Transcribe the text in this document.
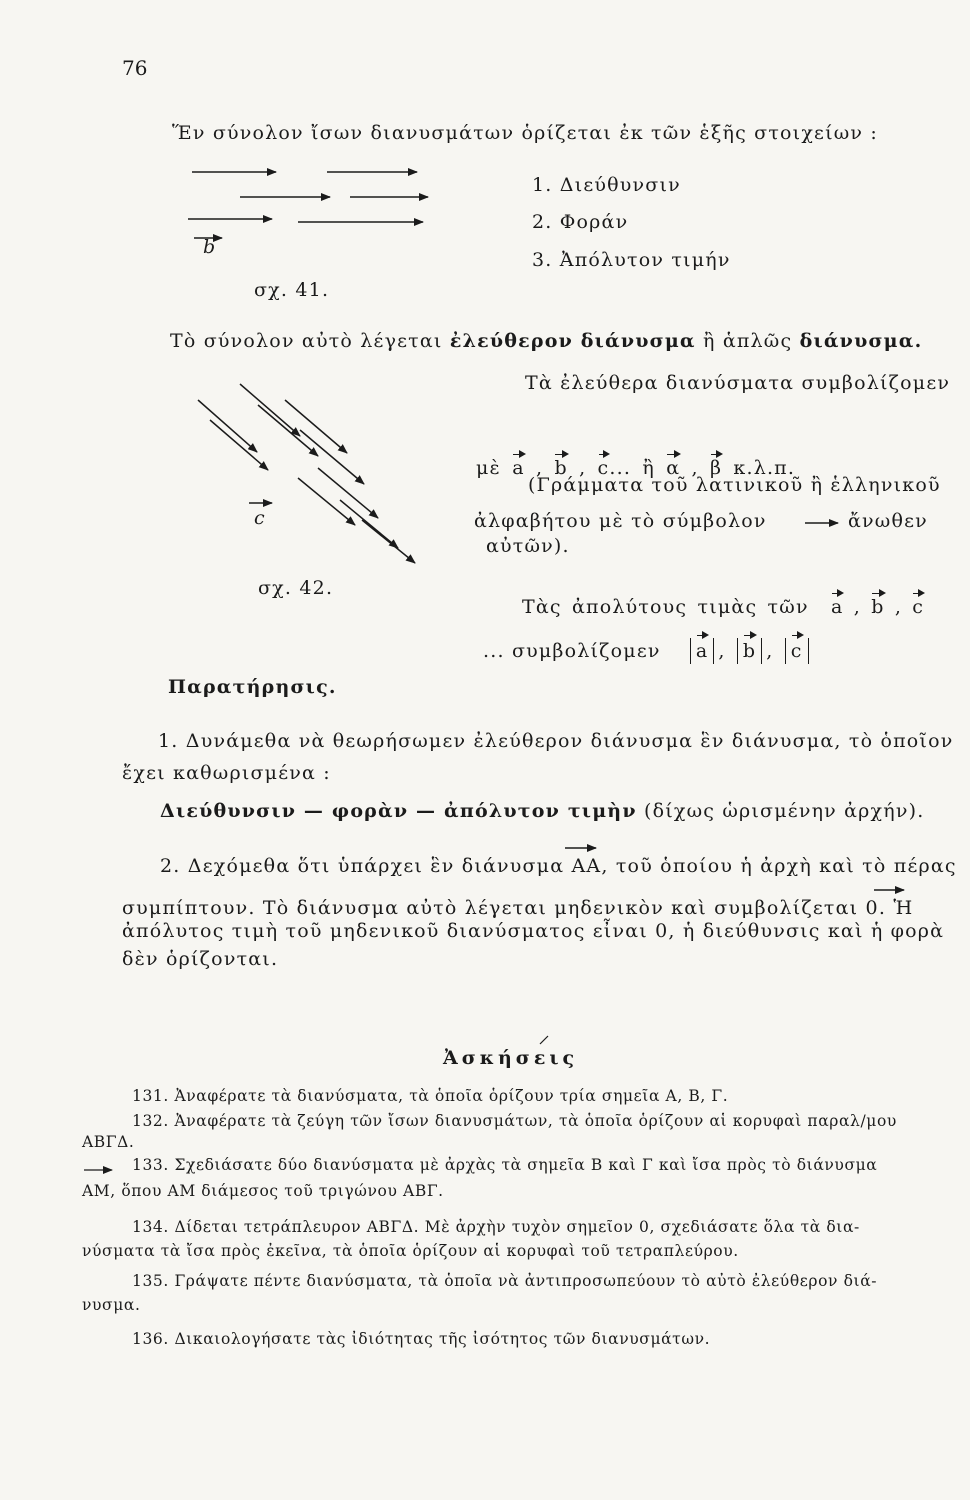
76
Ἕν σύνολον ἴσων διανυσμάτων ὁρίζεται ἐκ τῶν ἑξῆς στοιχείων :
b
1. Διεύθυνσιν
2. Φοράν
3. Ἀπόλυτον τιμήν
σχ. 41.
Τὸ σύνολον αὐτὸ λέγεται ἐλεύθερον διάνυσμα ἢ ἁπλῶς διάνυσμα.
Τὰ ἐλεύθερα διανύσματα συμβολίζομεν
μὲ a , b , c... ἢ α , β κ.λ.π.
(Γράμματα τοῦ λατινικοῦ ἢ ἑλληνικοῦ
ἀλφαβήτου μὲ τὸ σύμβολον	ἄνωθεν
αὐτῶν).
c
σχ. 42.
Τὰς ἀπολύτους τιμὰς τῶν a , b , c
... συμβολίζομεν a , b , c
Παρατήρησις.
1. Δυνάμεθα νὰ θεωρήσωμεν ἐλεύθερον διάνυσμα ἓν διάνυσμα, τὸ ὁποῖον
ἔχει καθωρισμένα :
Διεύθυνσιν — φορὰν — ἀπόλυτον τιμὴν (δίχως ὡρισμένην ἀρχήν).
2. Δεχόμεθα ὅτι ὑπάρχει ἓν διάνυσμα ΑΑ, τοῦ ὁποίου ἡ ἀρχὴ καὶ τὸ πέρας
συμπίπτουν. Τὸ διάνυσμα αὐτὸ λέγεται μηδενικὸν καὶ συμβολίζεται 0. Ἡ
ἀπόλυτος τιμὴ τοῦ μηδενικοῦ διανύσματος εἶναι 0, ἡ διεύθυνσις καὶ ἡ φορὰ
δὲν ὁρίζονται.
Ἀσκήσεις
131. Ἀναφέρατε τὰ διανύσματα, τὰ ὁποῖα ὁρίζουν τρία σημεῖα Α, Β, Γ.
132. Ἀναφέρατε τὰ ζεύγη τῶν ἴσων διανυσμάτων, τὰ ὁποῖα ὁρίζουν αἱ κορυφαὶ παραλ/μου
ΑΒΓΔ.
133. Σχεδιάσατε δύο διανύσματα μὲ ἀρχὰς τὰ σημεῖα Β καὶ Γ καὶ ἴσα πρὸς τὸ διάνυσμα
ΑΜ, ὅπου ΑΜ διάμεσος τοῦ τριγώνου ΑΒΓ.
134. Δίδεται τετράπλευρον ΑΒΓΔ. Μὲ ἀρχὴν τυχὸν σημεῖον 0, σχεδιάσατε ὅλα τὰ δια-
νύσματα τὰ ἴσα πρὸς ἐκεῖνα, τὰ ὁποῖα ὁρίζουν αἱ κορυφαὶ τοῦ τετραπλεύρου.
135. Γράψατε πέντε διανύσματα, τὰ ὁποῖα νὰ ἀντιπροσωπεύουν τὸ αὐτὸ ἐλεύθερον διά-
νυσμα.
136. Δικαιολογήσατε τὰς ἰδιότητας τῆς ἰσότητος τῶν διανυσμάτων.
